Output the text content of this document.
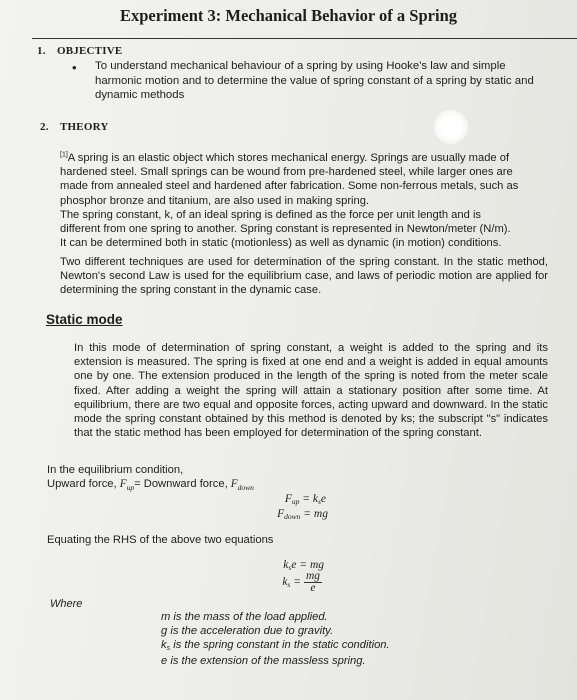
Experiment 3: Mechanical Behavior of a Spring
1. OBJECTIVE
• To understand mechanical behaviour of a spring by using Hooke's law and simple harmonic motion and to determine the value of spring constant of a spring by static and dynamic methods
2. THEORY
[1]A spring is an elastic object which stores mechanical energy. Springs are usually made of
hardened steel. Small springs can be wound from pre-hardened steel, while larger ones are
made from annealed steel and hardened after fabrication. Some non-ferrous metals, such as
phosphor bronze and titanium, are also used in making spring.
The spring constant, k, of an ideal spring is defined as the force per unit length and is
different from one spring to another. Spring constant is represented in Newton/meter (N/m).
It can be determined both in static (motionless) as well as dynamic (in motion) conditions.
Two different techniques are used for determination of the spring constant. In the static method, Newton's second Law is used for the equilibrium case, and laws of periodic motion are applied for determining the spring constant in the dynamic case.
Static mode
In this mode of determination of spring constant, a weight is added to the spring and its extension is measured. The spring is fixed at one end and a weight is added in equal amounts one by one. The extension produced in the length of the spring is noted from the meter scale fixed. After adding a weight the spring will attain a stationary position after some time. At equilibrium, there are two equal and opposite forces, acting upward and downward. In the static mode the spring constant obtained by this method is denoted by ks; the subscript "s" indicates that the static method has been employed for determination of the spring constant.
In the equilibrium condition,
Upward force, $F_{up}=$ Downward force, $F_{down}$
$F_{up} = k_se$
$F_{down}$ = mg
Equating the RHS of the above two equations
$k_se$ = mg
$k_s = \frac{mg}{e}$
Where
m is the mass of the load applied.
g is the acceleration due to gravity.
$k_s$ is the spring constant in the static condition.
e is the extension of the massless spring.
